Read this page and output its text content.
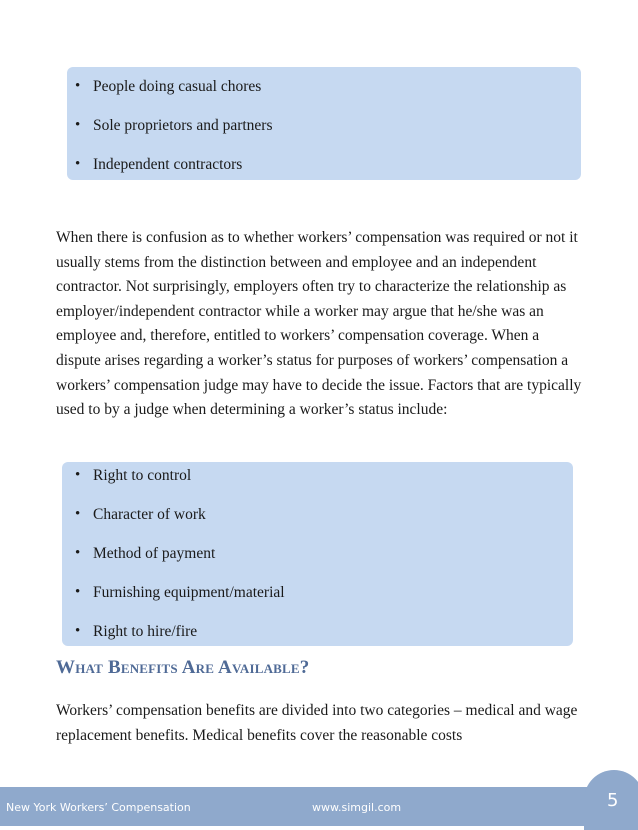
• People doing casual chores
• Sole proprietors and partners
• Independent contractors

When there is confusion as to whether workers’ compensation was required or not it usually stems from the distinction between and employee and an independent contractor. Not surprisingly, employers often try to characterize the relationship as employer/independent contractor while a worker may argue that he/she was an employee and, therefore, entitled to workers’ compensation coverage. When a dispute arises regarding a worker’s status for purposes of workers’ compensation a workers’ compensation judge may have to decide the issue. Factors that are typically used to by a judge when determining a worker’s status include:

• Right to control
• Character of work
• Method of payment
• Furnishing equipment/material
• Right to hire/fire
What Benefits Are Available?

Workers’ compensation benefits are divided into two categories – medical and wage replacement benefits. Medical benefits cover the reasonable costs

New York Workers’ Compensation	www.simgil.com	5
